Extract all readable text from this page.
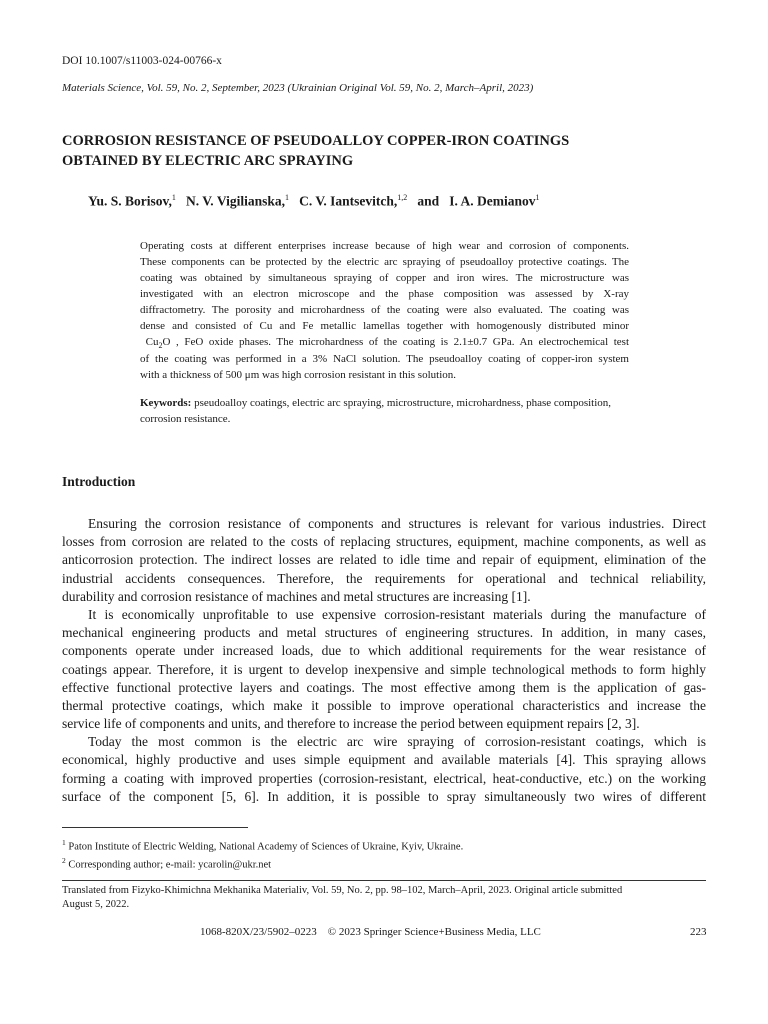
DOI 10.1007/s11003-024-00766-x
Materials Science, Vol. 59, No. 2, September, 2023 (Ukrainian Original Vol. 59, No. 2, March–April, 2023)
CORROSION RESISTANCE OF PSEUDOALLOY COPPER-IRON COATINGS
OBTAINED BY ELECTRIC ARC SPRAYING
Yu. S. Borisov,$^1$ N. V. Vigilianska,$^1$ C. V. Iantsevitch,$^{1,2}$ and I. A. Demianov$^1$
Operating costs at different enterprises increase because of high wear and corrosion of components.
These components can be protected by the electric arc spraying of pseudoalloy protective coatings. The
coating was obtained by simultaneous spraying of copper and iron wires. The microstructure was
investigated with an electron microscope and the phase composition was assessed by X-ray
diffractometry. The porosity and microhardness of the coating were also evaluated. The coating was
dense and consisted of Cu and Fe metallic lamellas together with homogenously distributed minor
$Cu_2O$ , FeO oxide phases. The microhardness of the coating is 2.1±0.7 GPa. An electrochemical test
of the coating was performed in a 3% NaCl solution. The pseudoalloy coating of copper-iron system
with a thickness of 500 μm was high corrosion resistant in this solution.
Keywords: pseudoalloy coatings, electric arc spraying, microstructure, microhardness, phase composition,
corrosion resistance.
Introduction
Ensuring the corrosion resistance of components and structures is relevant for various industries. Direct
losses from corrosion are related to the costs of replacing structures, equipment, machine components, as well as
anticorrosion protection. The indirect losses are related to idle time and repair of equipment, elimination of the
industrial accidents consequences. Therefore, the requirements for operational and technical reliability,
durability and corrosion resistance of machines and metal structures are increasing [1].
It is economically unprofitable to use expensive corrosion-resistant materials during the manufacture of
mechanical engineering products and metal structures of engineering structures. In addition, in many cases,
components operate under increased loads, due to which additional requirements for the wear resistance of
coatings appear. Therefore, it is urgent to develop inexpensive and simple technological methods to form highly
effective functional protective layers and coatings. The most effective among them is the application of gas-
thermal protective coatings, which make it possible to improve operational characteristics and increase the
service life of components and units, and therefore to increase the period between equipment repairs [2, 3].
Today the most common is the electric arc wire spraying of corrosion-resistant coatings, which is
economical, highly productive and uses simple equipment and available materials [4]. This spraying allows
forming a coating with improved properties (corrosion-resistant, electrical, heat-conductive, etc.) on the working
surface of the component [5, 6]. In addition, it is possible to spray simultaneously two wires of different
$^1$ Paton Institute of Electric Welding, National Academy of Sciences of Ukraine, Kyiv, Ukraine.
$^2$ Corresponding author; e-mail: ycarolin@ukr.net
Translated from Fizyko-Khimichna Mekhanika Materialiv, Vol. 59, No. 2, pp. 98–102, March–April, 2023. Original article submitted
August 5, 2022.
1068-820X/23/5902–0223 © 2023 Springer Science+Business Media, LLC	223
